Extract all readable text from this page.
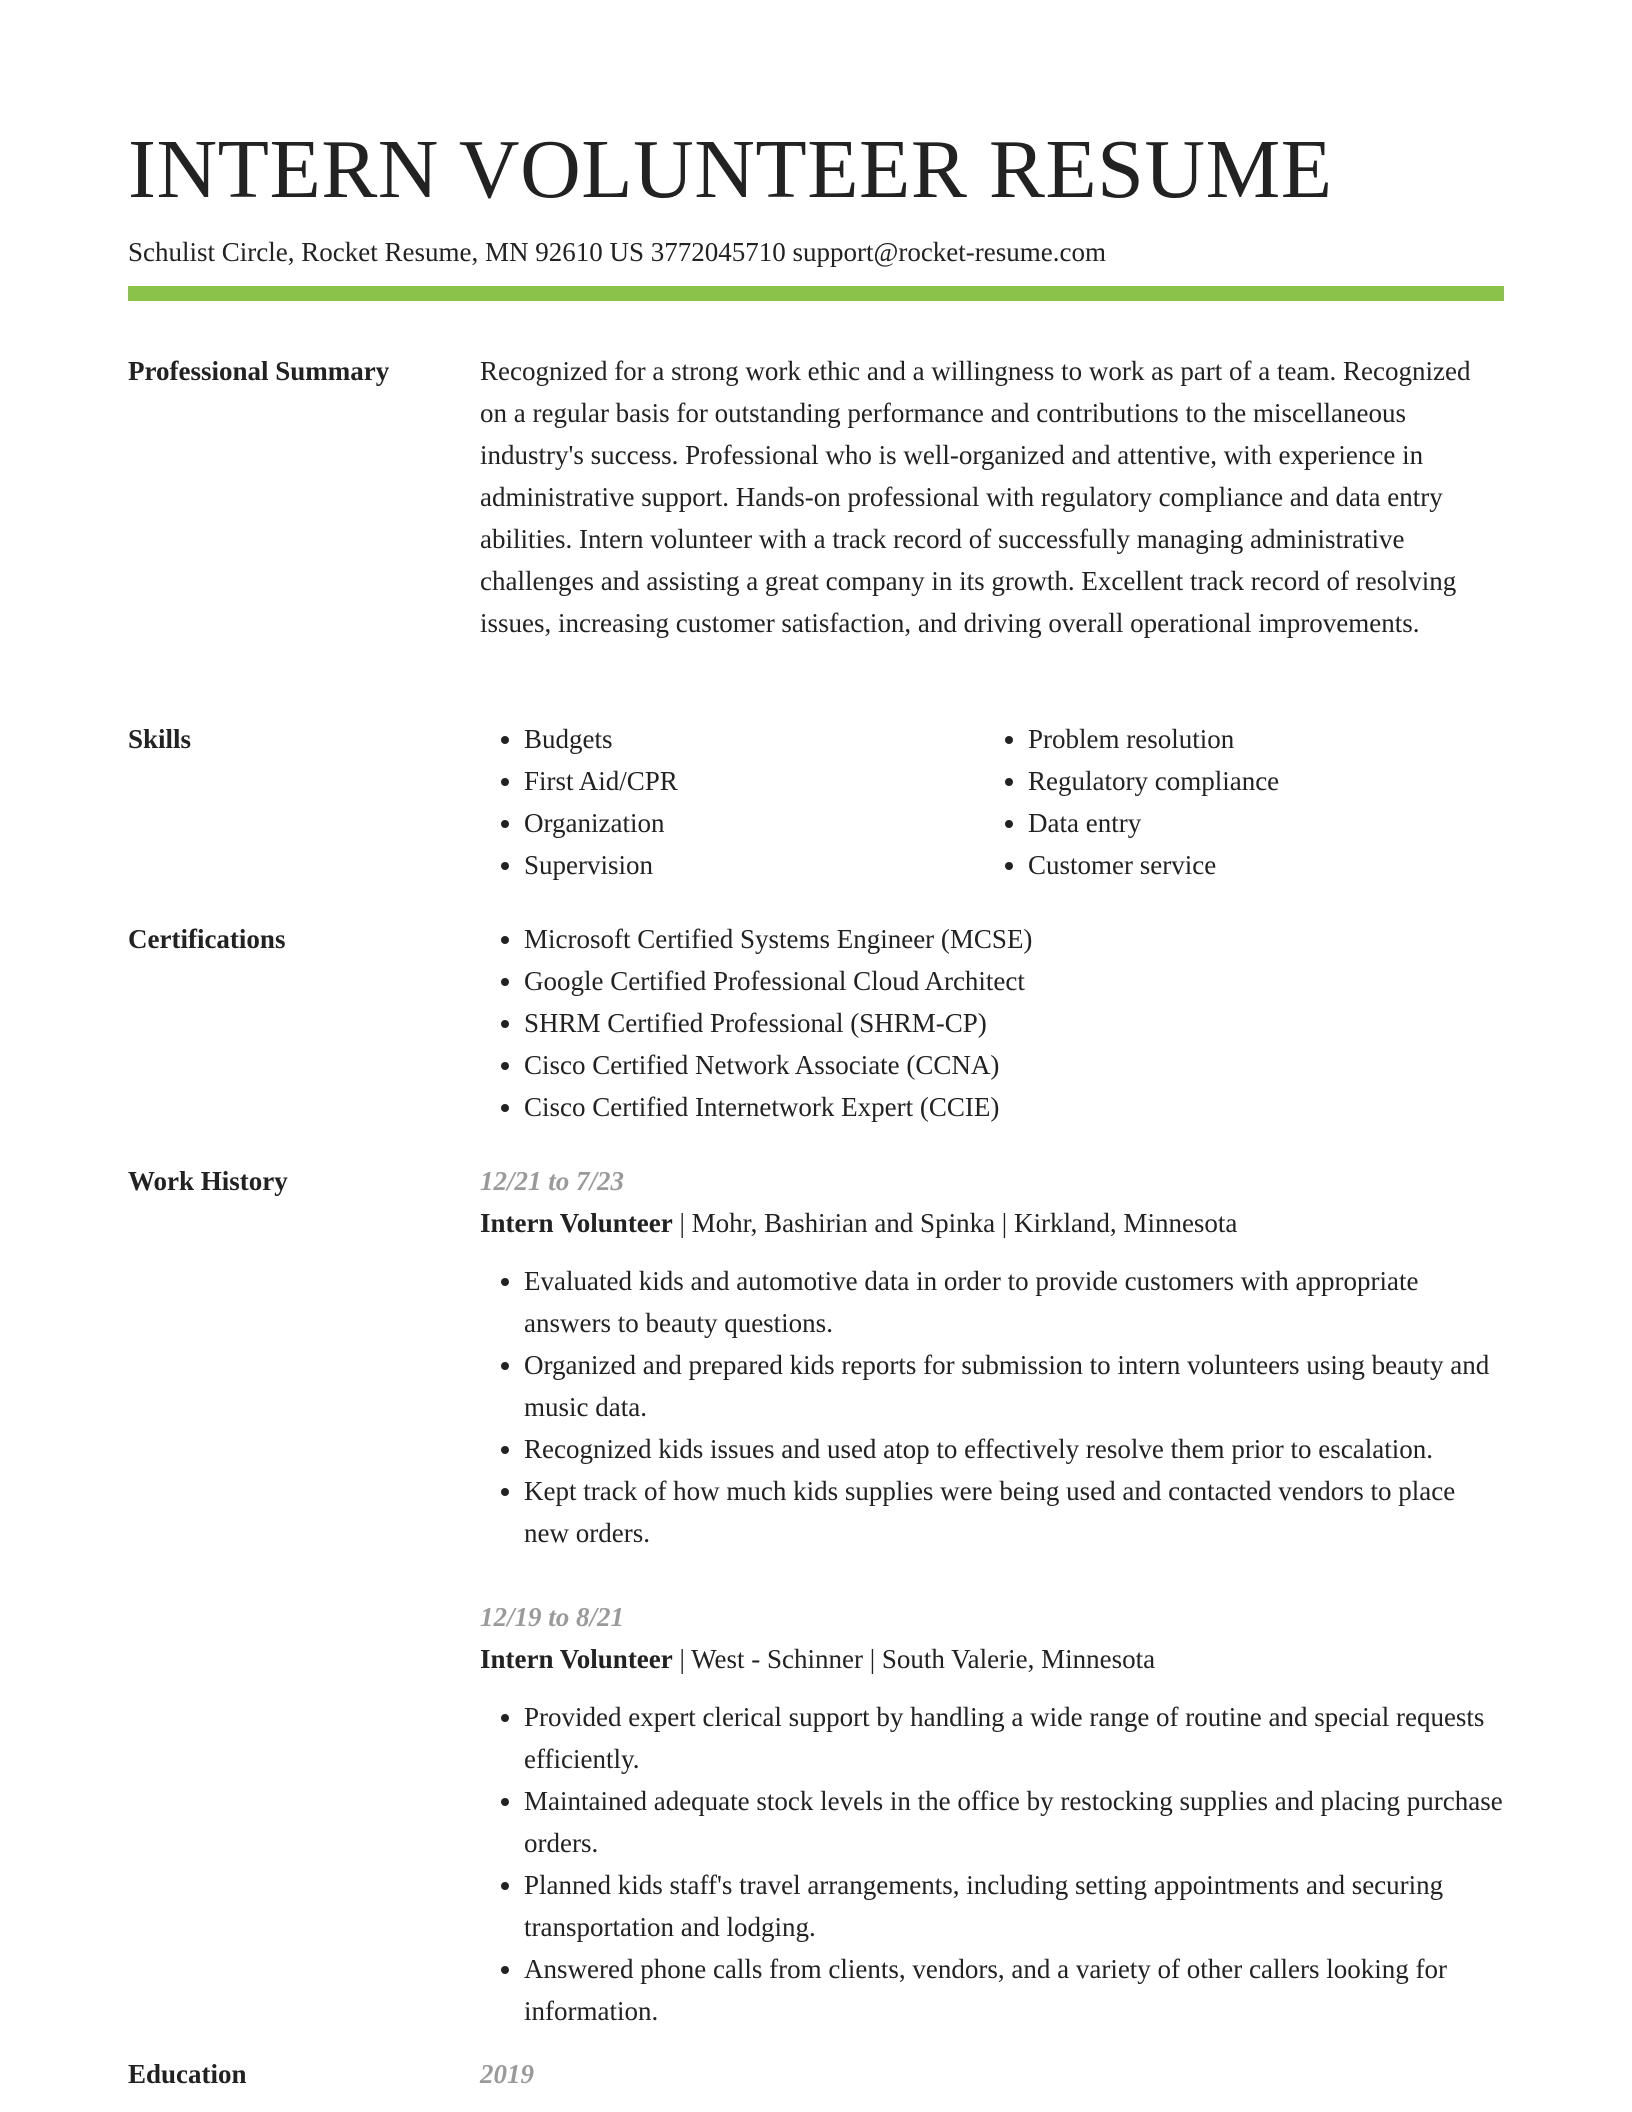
INTERN VOLUNTEER RESUME
Schulist Circle, Rocket Resume, MN 92610 US 3772045710 support@rocket-resume.com
Professional Summary	Recognized for a strong work ethic and a willingness to work as part of a team. Recognized on a regular basis for outstanding performance and contributions to the miscellaneous industry's success. Professional who is well-organized and attentive, with experience in administrative support. Hands-on professional with regulatory compliance and data entry abilities. Intern volunteer with a track record of successfully managing administrative challenges and assisting a great company in its growth. Excellent track record of resolving issues, increasing customer satisfaction, and driving overall operational improvements.

Skills	• Budgets
• First Aid/CPR
• Organization
• Supervision
• Problem resolution
• Regulatory compliance
• Data entry
• Customer service
Certifications	• Microsoft Certified Systems Engineer (MCSE)
• Google Certified Professional Cloud Architect
• SHRM Certified Professional (SHRM-CP)
• Cisco Certified Network Associate (CCNA)
• Cisco Certified Internetwork Expert (CCIE)
Work History	12/21 to 7/23

Intern Volunteer | Mohr, Bashirian and Spinka | Kirkland, Minnesota

• Evaluated kids and automotive data in order to provide customers with appropriate answers to beauty questions.
• Organized and prepared kids reports for submission to intern volunteers using beauty and music data.
• Recognized kids issues and used atop to effectively resolve them prior to escalation.
• Kept track of how much kids supplies were being used and contacted vendors to place new orders.
12/19 to 8/21

Intern Volunteer | West - Schinner | South Valerie, Minnesota

• Provided expert clerical support by handling a wide range of routine and special requests efficiently.
• Maintained adequate stock levels in the office by restocking supplies and placing purchase orders.
• Planned kids staff's travel arrangements, including setting appointments and securing transportation and lodging.
• Answered phone calls from clients, vendors, and a variety of other callers looking for information.
Education	2019
